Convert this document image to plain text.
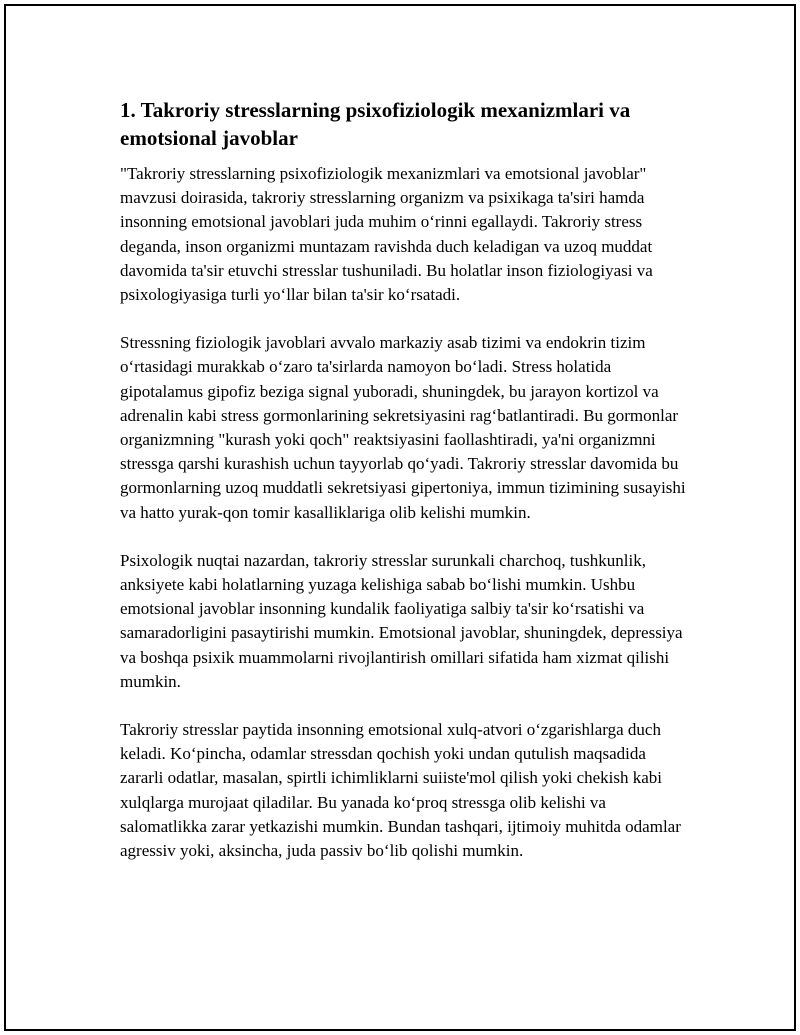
1. Takroriy stresslarning psixofiziologik mexanizmlari va emotsional javoblar

"Takroriy stresslarning psixofiziologik mexanizmlari va emotsional javoblar" mavzusi doirasida, takroriy stresslarning organizm va psixikaga ta'siri hamda insonning emotsional javoblari juda muhim oʻrinni egallaydi. Takroriy stress deganda, inson organizmi muntazam ravishda duch keladigan va uzoq muddat davomida ta'sir etuvchi stresslar tushuniladi. Bu holatlar inson fiziologiyasi va psixologiyasiga turli yoʻllar bilan ta'sir koʻrsatadi.

Stressning fiziologik javoblari avvalo markaziy asab tizimi va endokrin tizim oʻrtasidagi murakkab oʻzaro ta'sirlarda namoyon boʻladi. Stress holatida gipotalamus gipofiz beziga signal yuboradi, shuningdek, bu jarayon kortizol va adrenalin kabi stress gormonlarining sekretsiyasini ragʻbatlantiradi. Bu gormonlar organizmning "kurash yoki qoch" reaktsiyasini faollashtiradi, ya'ni organizmni stressga qarshi kurashish uchun tayyorlab qoʻyadi. Takroriy stresslar davomida bu gormonlarning uzoq muddatli sekretsiyasi gipertoniya, immun tizimining susayishi va hatto yurak-qon tomir kasalliklariga olib kelishi mumkin.

Psixologik nuqtai nazardan, takroriy stresslar surunkali charchoq, tushkunlik, anksiyete kabi holatlarning yuzaga kelishiga sabab boʻlishi mumkin. Ushbu emotsional javoblar insonning kundalik faoliyatiga salbiy ta'sir koʻrsatishi va samaradorligini pasaytirishi mumkin. Emotsional javoblar, shuningdek, depressiya va boshqa psixik muammolarni rivojlantirish omillari sifatida ham xizmat qilishi mumkin.

Takroriy stresslar paytida insonning emotsional xulq-atvori oʻzgarishlarga duch keladi. Koʻpincha, odamlar stressdan qochish yoki undan qutulish maqsadida zararli odatlar, masalan, spirtli ichimliklarni suiiste'mol qilish yoki chekish kabi xulqlarga murojaat qiladilar. Bu yanada koʻproq stressga olib kelishi va salomatlikka zarar yetkazishi mumkin. Bundan tashqari, ijtimoiy muhitda odamlar agressiv yoki, aksincha, juda passiv boʻlib qolishi mumkin.
